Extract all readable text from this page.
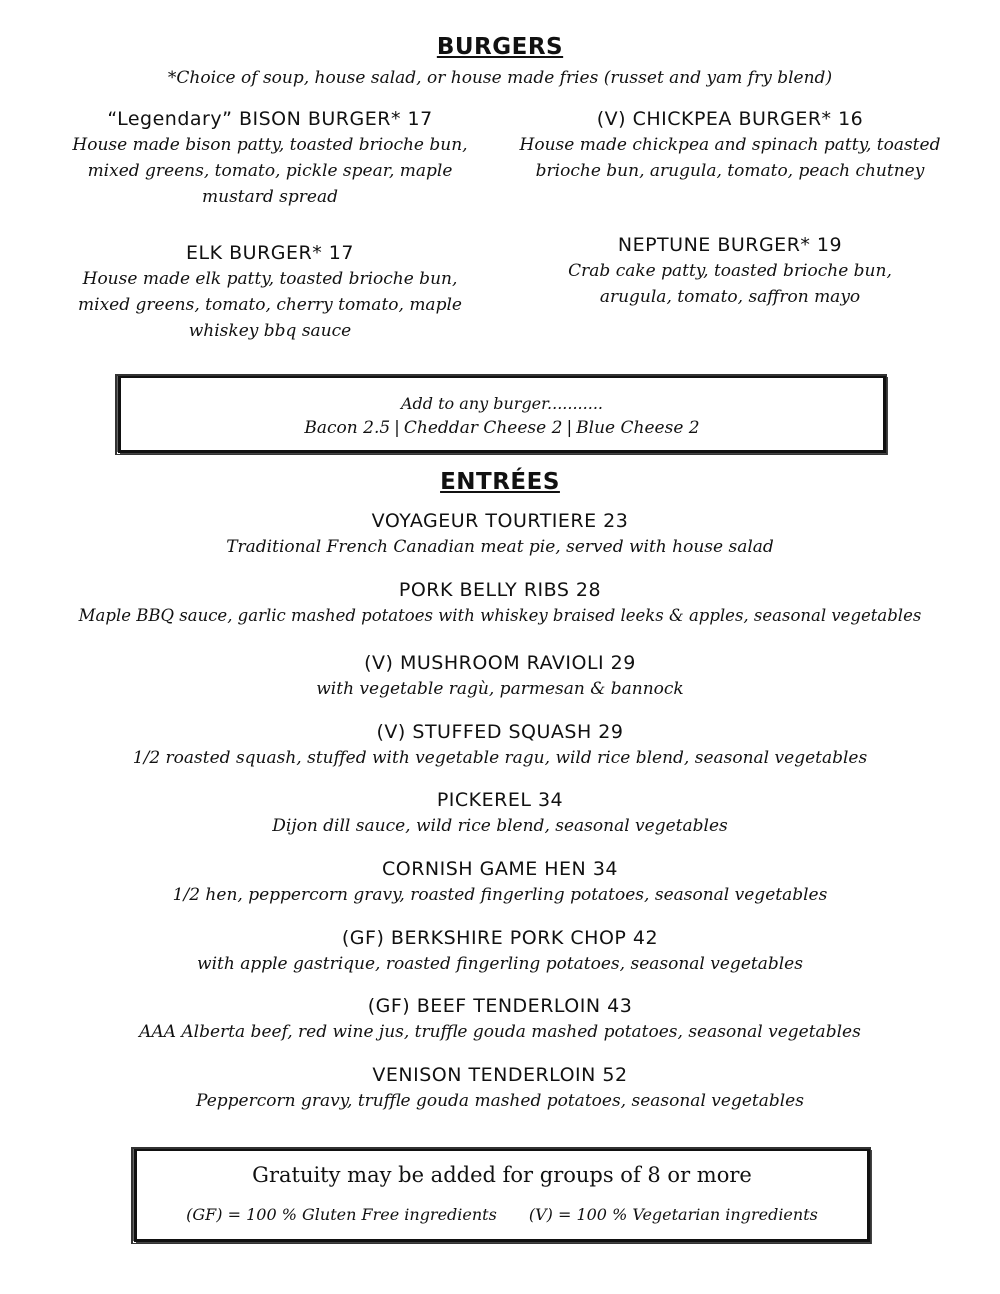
BURGERS
*Choice of soup, house salad, or house made fries (russet and yam fry blend)
“Legendary” BISON BURGER* 17
House made bison patty, toasted brioche bun, mixed greens, tomato, pickle spear, maple mustard spread
(V) CHICKPEA BURGER* 16
House made chickpea and spinach patty, toasted brioche bun, arugula, tomato, peach chutney
ELK BURGER* 17
House made elk patty, toasted brioche bun, mixed greens, tomato, cherry tomato, maple whiskey bbq sauce
NEPTUNE BURGER* 19
Crab cake patty, toasted brioche bun, arugula, tomato, saffron mayo
Add to any burger...........
Bacon 2.5 | Cheddar Cheese 2 | Blue Cheese 2
ENTRÉES
VOYAGEUR TOURTIERE 23
Traditional French Canadian meat pie, served with house salad
PORK BELLY RIBS 28
Maple BBQ sauce, garlic mashed potatoes with whiskey braised leeks & apples, seasonal vegetables
(V) MUSHROOM RAVIOLI 29
with vegetable ragù, parmesan & bannock
(V) STUFFED SQUASH 29
1/2 roasted squash, stuffed with vegetable ragu, wild rice blend, seasonal vegetables
PICKEREL 34
Dijon dill sauce, wild rice blend, seasonal vegetables
CORNISH GAME HEN 34
1/2 hen, peppercorn gravy, roasted fingerling potatoes, seasonal vegetables
(GF) BERKSHIRE PORK CHOP 42
with apple gastrique, roasted fingerling potatoes, seasonal vegetables
(GF) BEEF TENDERLOIN 43
AAA Alberta beef, red wine jus, truffle gouda mashed potatoes, seasonal vegetables
VENISON TENDERLOIN 52
Peppercorn gravy, truffle gouda mashed potatoes, seasonal vegetables
Gratuity may be added for groups of 8 or more
(GF) = 100 % Gluten Free ingredients (V) = 100 % Vegetarian ingredients
